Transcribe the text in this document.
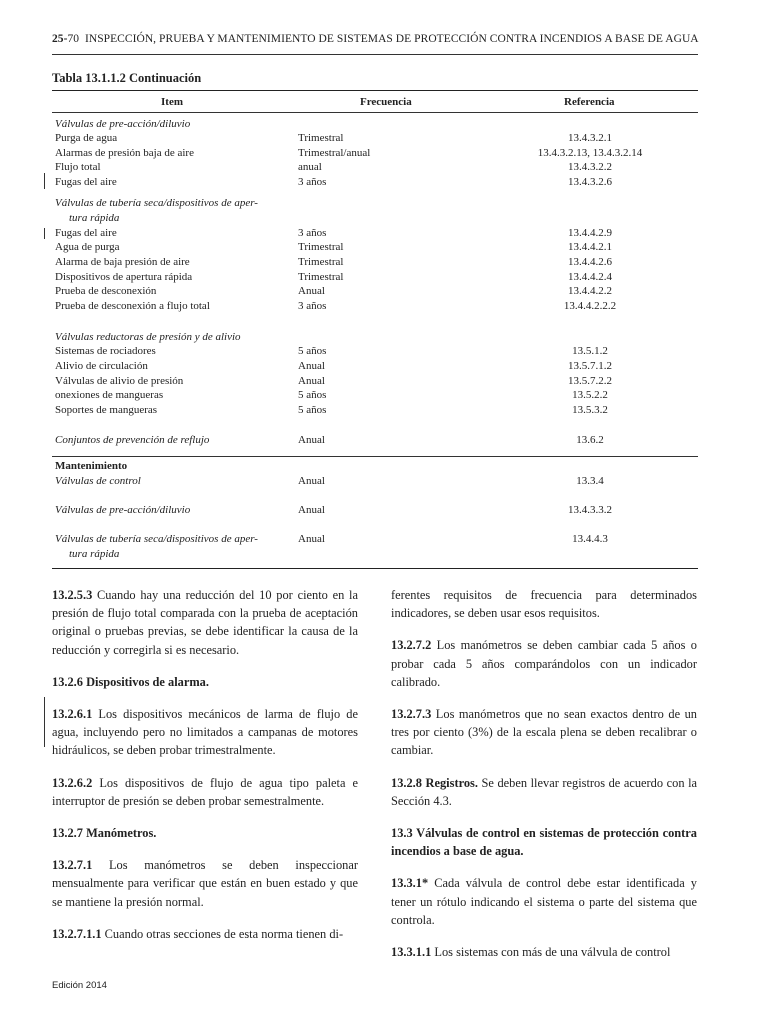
25-70 INSPECCIÓN, PRUEBA Y MANTENIMIENTO DE SISTEMAS DE PROTECCIÓN CONTRA INCENDIOS A BASE DE AGUA
Tabla 13.1.1.2 Continuación
Item	Frecuencia	Referencia
Válvulas de pre-acción/diluvio
Purga de agua	Trimestral	13.4.3.2.1
Alarmas de presión baja de aire	Trimestral/anual	13.4.3.2.13, 13.4.3.2.14
Flujo total	anual	13.4.3.2.2
Fugas del aire	3 años	13.4.3.2.6
Válvulas de tubería seca/dispositivos de aper-
tura rápida
Fugas del aire	3 años	13.4.4.2.9
Agua de purga	Trimestral	13.4.4.2.1
Alarma de baja presión de aire	Trimestral	13.4.4.2.6
Dispositivos de apertura rápida	Trimestral	13.4.4.2.4
Prueba de desconexión	Anual	13.4.4.2.2
Prueba de desconexión a flujo total	3 años	13.4.4.2.2.2
Válvulas reductoras de presión y de alivio
Sistemas de rociadores	5 años	13.5.1.2
Alivio de circulación	Anual	13.5.7.1.2
Válvulas de alivio de presión	Anual	13.5.7.2.2
onexiones de mangueras	5 años	13.5.2.2
Soportes de mangueras	5 años	13.5.3.2
Conjuntos de prevención de reflujo	Anual	13.6.2
Mantenimiento
Válvulas de control	Anual	13.3.4
Válvulas de pre-acción/diluvio	Anual	13.4.3.3.2
Válvulas de tubería seca/dispositivos de aper-	Anual	13.4.4.3
tura rápida

13.2.5.3 Cuando hay una reducción del 10 por ciento en la presión de flujo total comparada con la prueba de aceptación original o pruebas previas, se debe identificar la causa de la reducción y corregirla si es necesario.

13.2.6 Dispositivos de alarma.

13.2.6.1 Los dispositivos mecánicos de larma de flujo de agua, incluyendo pero no limitados a campanas de motores hidráulicos, se deben probar trimestralmente.

13.2.6.2 Los dispositivos de flujo de agua tipo paleta e interruptor de presión se deben probar semestralmente.

13.2.7 Manómetros.

13.2.7.1 Los manómetros se deben inspeccionar mensualmente para verificar que están en buen estado y que se mantiene la presión normal.

13.2.7.1.1 Cuando otras secciones de esta norma tienen di-

ferentes requisitos de frecuencia para determinados indicadores, se deben usar esos requisitos.

13.2.7.2 Los manómetros se deben cambiar cada 5 años o probar cada 5 años comparándolos con un indicador calibrado.

13.2.7.3 Los manómetros que no sean exactos dentro de un tres por ciento (3%) de la escala plena se deben recalibrar o cambiar.

13.2.8 Registros. Se deben llevar registros de acuerdo con la Sección 4.3.

13.3 Válvulas de control en sistemas de protección contra incendios a base de agua.

13.3.1* Cada válvula de control debe estar identificada y tener un rótulo indicando el sistema o parte del sistema que controla.

13.3.1.1 Los sistemas con más de una válvula de control

Edición 2014
